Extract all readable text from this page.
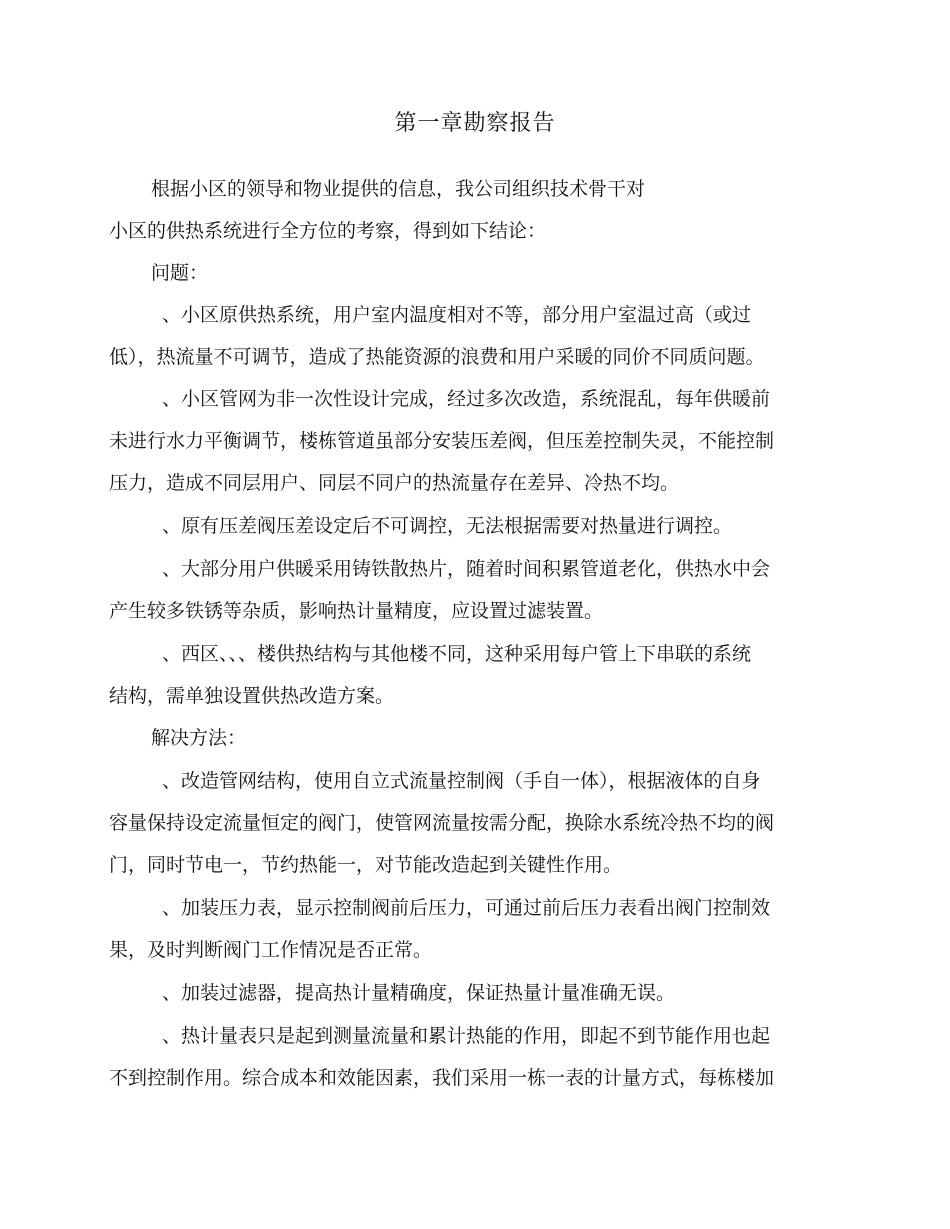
第一章勘察报告
根据小区的领导和物业提供的信息，我公司组织技术骨干对
小区的供热系统进行全方位的考察，得到如下结论：
问题：
、小区原供热系统，用户室内温度相对不等，部分用户室温过高（或过
低），热流量不可调节，造成了热能资源的浪费和用户采暖的同价不同质问题。
、小区管网为非一次性设计完成，经过多次改造，系统混乱，每年供暖前
未进行水力平衡调节，楼栋管道虽部分安装压差阀，但压差控制失灵，不能控制
压力，造成不同层用户、同层不同户的热流量存在差异、冷热不均。
、原有压差阀压差设定后不可调控，无法根据需要对热量进行调控。
、大部分用户供暖采用铸铁散热片，随着时间积累管道老化，供热水中会
产生较多铁锈等杂质，影响热计量精度，应设置过滤装置。
、西区、、、楼供热结构与其他楼不同，这种采用每户管上下串联的系统
结构，需单独设置供热改造方案。
解决方法：
、改造管网结构，使用自立式流量控制阀（手自一体），根据液体的自身
容量保持设定流量恒定的阀门，使管网流量按需分配，换除水系统冷热不均的阀
门，同时节电一，节约热能一，对节能改造起到关键性作用。
、加装压力表，显示控制阀前后压力，可通过前后压力表看出阀门控制效
果，及时判断阀门工作情况是否正常。
、加装过滤器，提高热计量精确度，保证热量计量准确无误。
、热计量表只是起到测量流量和累计热能的作用，即起不到节能作用也起
不到控制作用。综合成本和效能因素，我们采用一栋一表的计量方式，每栋楼加
